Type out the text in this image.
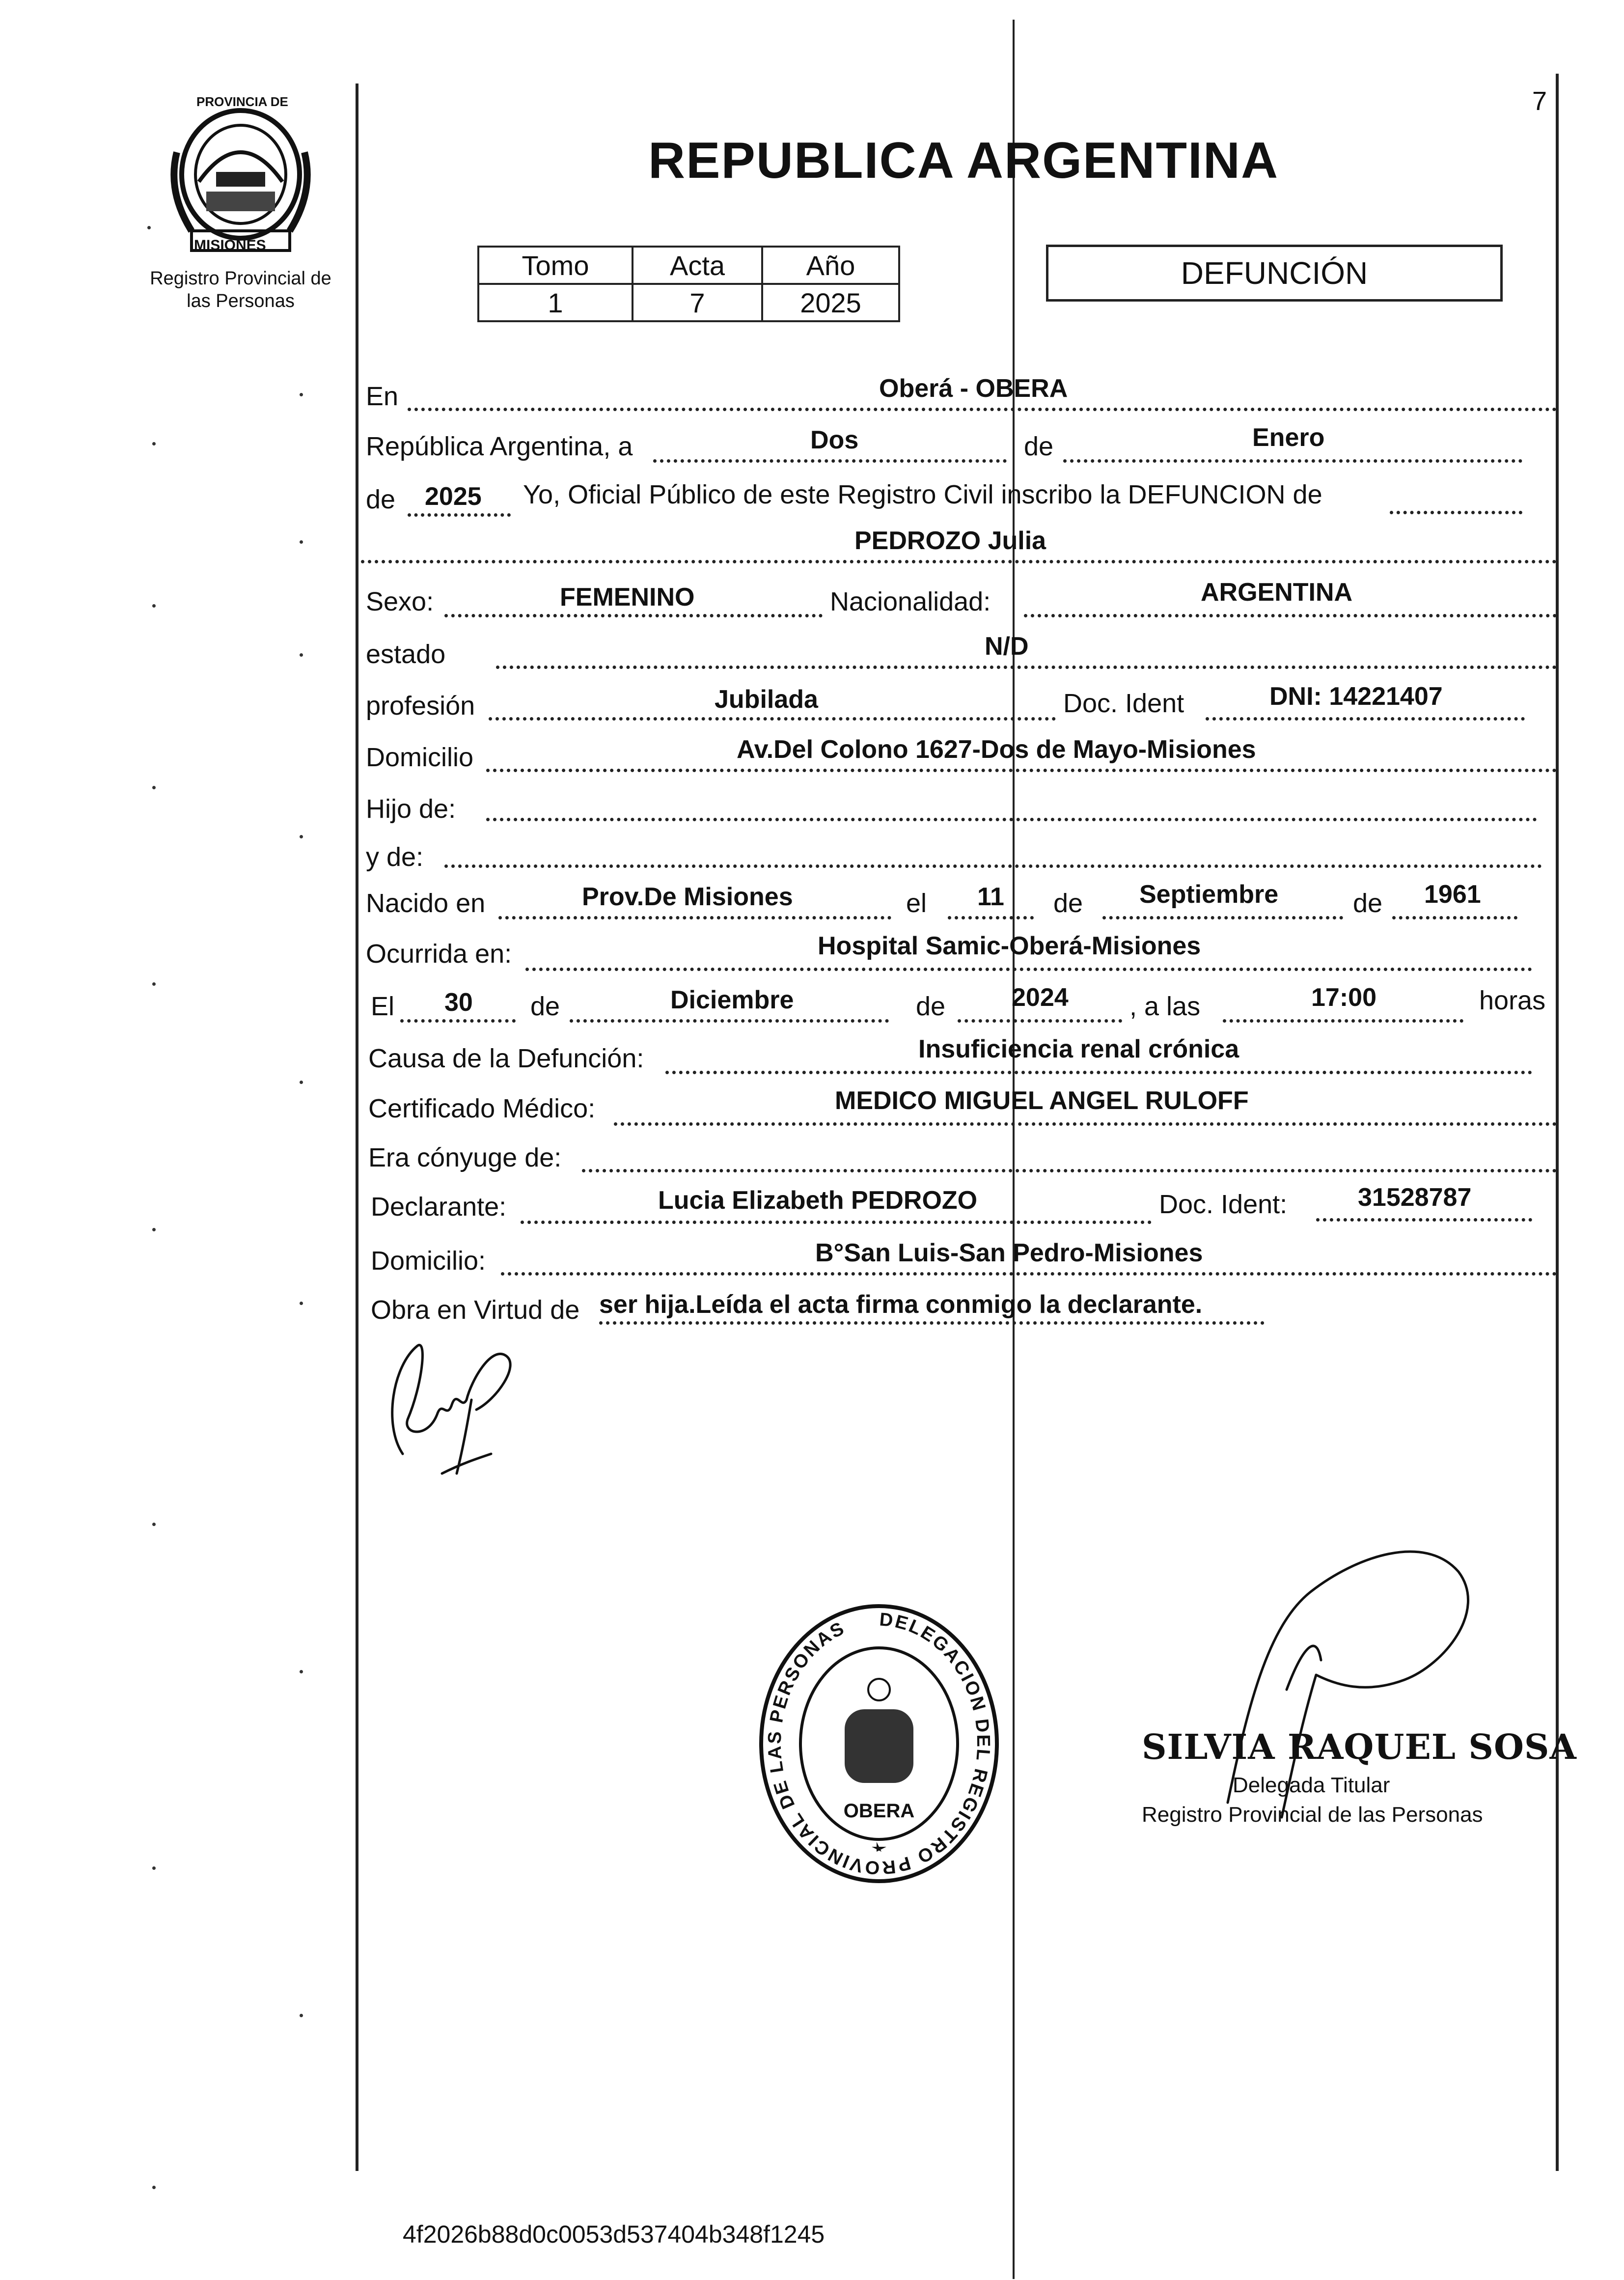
7
PROVINCIA DE
MISIONES
Registro Provincial de
las Personas
REPUBLICA ARGENTINA
Tomo	Acta	Año
1	7	2025
DEFUNCIÓN
En	Oberá - OBERA
República Argentina, a	Dos	de	Enero
de 2025 Yo, Oficial Público de este Registro Civil inscribo la DEFUNCION de
PEDROZO Julia
Sexo:	FEMENINO	Nacionalidad:	ARGENTINA
estado	N/D
profesión	Jubilada	Doc. Ident	DNI: 14221407
Domicilio	Av.Del Colono 1627-Dos de Mayo-Misiones
Hijo de:
y de:
Nacido en	Prov.De Misiones	el 11 de Septiembre	de 1961
Ocurrida en:	Hospital Samic-Oberá-Misiones
El 30 de	Diciembre	de	2024 , a las	17:00	horas
Causa de la Defunción:	Insuficiencia renal crónica
Certificado Médico:	MEDICO MIGUEL ANGEL RULOFF
Era cónyuge de:
Declarante:	Lucia Elizabeth PEDROZO	Doc. Ident:	31528787
Domicilio:	B°San Luis-San Pedro-Misiones
Obra en Virtud de ser hija.Leída el acta firma conmigo la declarante.
DELEGACION DEL REGISTRO PROVINCIAL DE LAS PERSONAS
OBERA
SILVIA RAQUEL SOSA
Delegada Titular
Registro Provincial de las Personas
4f2026b88d0c0053d537404b348f1245
